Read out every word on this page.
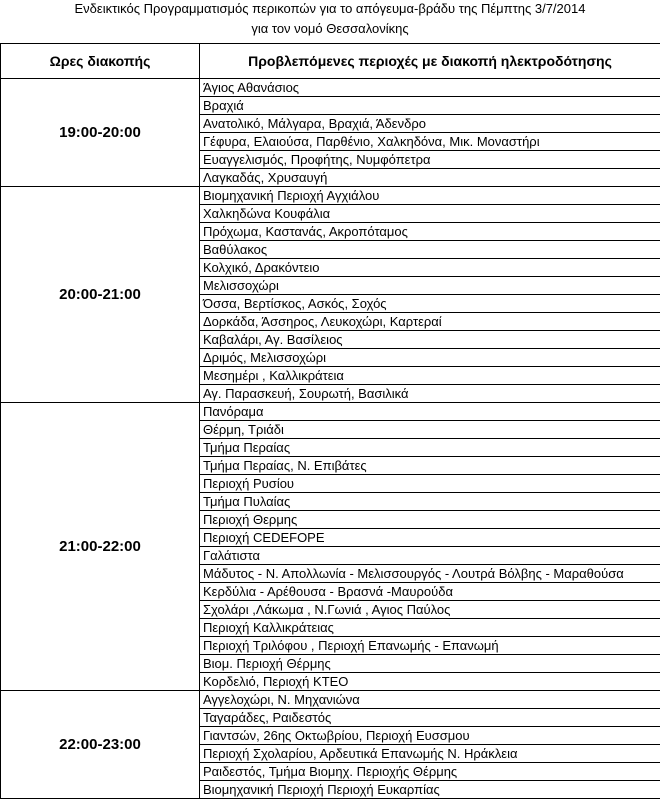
Ενδεικτικός Προγραμματισμός περικοπών για το απόγευμα-βράδυ της Πέμπτης 3/7/2014
για τον νομό Θεσσαλονίκης
Ωρες διακοπής	Προβλεπόμενες περιοχές με διακοπή ηλεκτροδότησης
19:00-20:00	Άγιος Αθανάσιος
	Βραχιά
	Ανατολικό, Μάλγαρα, Βραχιά, Άδενδρο
	Γέφυρα, Ελαιούσα, Παρθένιο, Χαλκηδόνα, Μικ. Μοναστήρι
	Ευαγγελισμός, Προφήτης, Νυμφόπετρα
	Λαγκαδάς, Χρυσαυγή
20:00-21:00	Βιομηχανική Περιοχή Αγχιάλου
	Χαλκηδώνα Κουφάλια
	Πρόχωμα, Καστανάς, Ακροπόταμος
	Βαθύλακος
	Κολχικό, Δρακόντειο
	Μελισσοχώρι
	Όσσα, Βερτίσκος, Ασκός, Σοχός
	Δορκάδα, Άσσηρος, Λευκοχώρι, Καρτεραί
	Καβαλάρι, Αγ. Βασίλειος
	Δριμός, Μελισσοχώρι
	Μεσημέρι , Καλλικράτεια
	Αγ. Παρασκευή, Σουρωτή, Βασιλικά
21:00-22:00	Πανόραμα
	Θέρμη, Τριάδι
	Τμήμα Περαίας
	Τμήμα Περαίας, Ν. Επιβάτες
	Περιοχή Ρυσίου
	Τμήμα Πυλαίας
	Περιοχή Θερμης
	Περιοχή CEDEFOPE
	Γαλάτιστα
	Μάδυτος - Ν. Απολλωνία - Μελισσουργός - Λουτρά Βόλβης - Μαραθούσα
	Κερδύλια - Αρέθουσα - Βρασνά -Μαυρούδα
	Σχολάρι ,Λάκωμα , Ν.Γωνιά , Αγιος Παύλος
	Περιοχή Καλλικράτειας
	Περιοχή Τριλόφου , Περιοχή Επανωμής - Επανωμή
	Βιομ. Περιοχή Θέρμης
	Κορδελιό, Περιοχή ΚΤΕΟ
22:00-23:00	Αγγελοχώρι, Ν. Μηχανιώνα
	Ταγαράδες, Ραιδεστός
	Γιαντσών, 26ης Οκτωβρίου, Περιοχή Ευσσμου
	Περιοχή Σχολαρίου, Αρδευτικά Επανωμής Ν. Ηράκλεια
	Ραιδεστός, Τμήμα Βιομηχ. Περιοχής Θέρμης
	Βιομηχανική Περιοχή Περιοχή Ευκαρπίας
